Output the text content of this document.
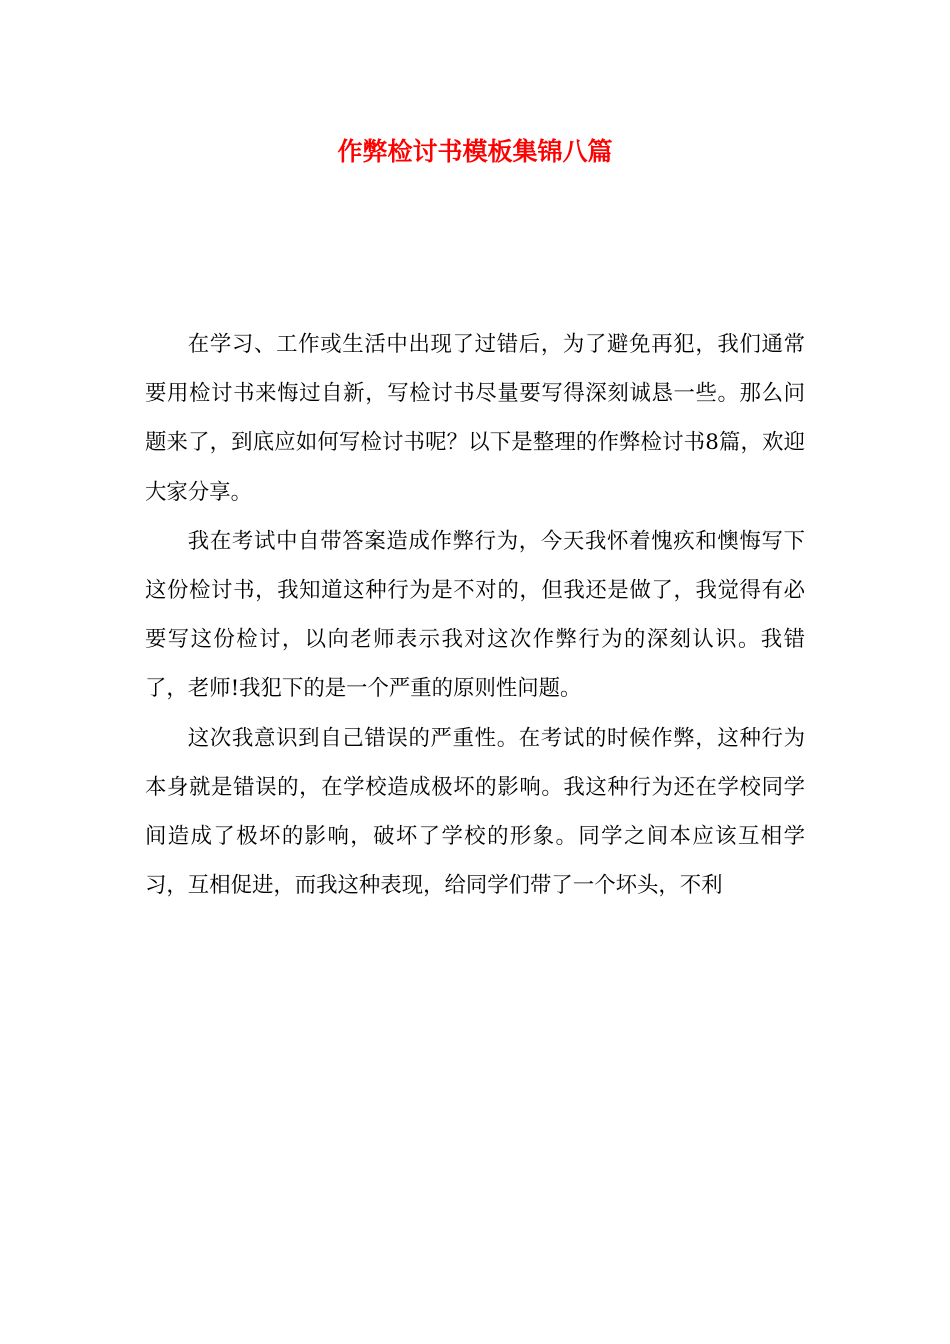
作弊检讨书模板集锦八篇

在学习、工作或生活中出现了过错后，为了避免再犯，我们通常要用检讨书来悔过自新，写检讨书尽量要写得深刻诚恳一些。那么问题来了，到底应如何写检讨书呢？以下是整理的作弊检讨书8篇，欢迎大家分享。

我在考试中自带答案造成作弊行为，今天我怀着愧疚和懊悔写下这份检讨书，我知道这种行为是不对的，但我还是做了，我觉得有必要写这份检讨，以向老师表示我对这次作弊行为的深刻认识。我错了，老师!我犯下的是一个严重的原则性问题。

这次我意识到自己错误的严重性。在考试的时候作弊，这种行为本身就是错误的，在学校造成极坏的影响。我这种行为还在学校同学间造成了极坏的影响，破坏了学校的形象。同学之间本应该互相学习，互相促进，而我这种表现，给同学们带了一个坏头，不利
